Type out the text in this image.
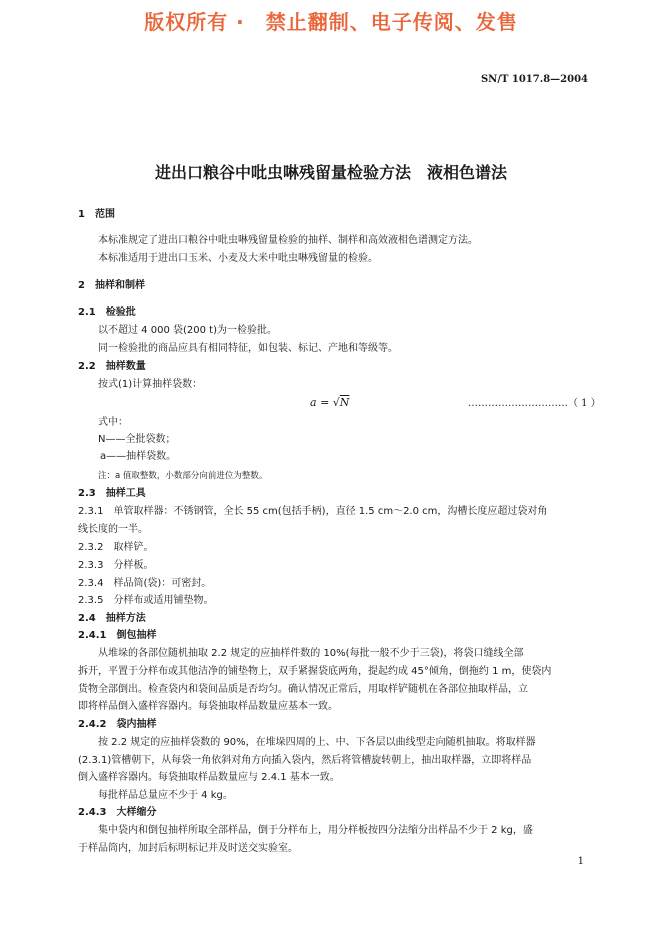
版权所有 ·　禁止翻制、电子传阅、发售
SN/T 1017.8—2004
进出口粮谷中吡虫啉残留量检验方法　液相色谱法
1　范围
本标准规定了进出口粮谷中吡虫啉残留量检验的抽样、制样和高效液相色谱测定方法。
本标准适用于进出口玉米、小麦及大米中吡虫啉残留量的检验。
2　抽样和制样
2.1　检验批
以不超过 4 000 袋(200 t)为一检验批。
同一检验批的商品应具有相同特征，如包装、标记、产地和等级等。
2.2　抽样数量
按式(1)计算抽样袋数：
a = √N	…………………………（ 1 ）
式中：
N——全批袋数；
a——抽样袋数。
注：a 值取整数，小数部分向前进位为整数。
2.3　抽样工具
2.3.1　单管取样器：不锈钢管，全长 55 cm(包括手柄)，直径 1.5 cm～2.0 cm，沟槽长度应超过袋对角
线长度的一半。
2.3.2　取样铲。
2.3.3　分样板。
2.3.4　样品筒(袋)：可密封。
2.3.5　分样布或适用铺垫物。
2.4　抽样方法
2.4.1　倒包抽样
从堆垛的各部位随机抽取 2.2 规定的应抽样件数的 10%(每批一般不少于三袋)，将袋口缝线全部
拆开，平置于分样布或其他洁净的铺垫物上，双手紧握袋底两角，提起约成 45°倾角，倒拖约 1 m，使袋内
货物全部倒出。检查袋内和袋间品质是否均匀。确认情况正常后，用取样铲随机在各部位抽取样品，立
即将样品倒入盛样容器内。每袋抽取样品数量应基本一致。
2.4.2　袋内抽样
按 2.2 规定的应抽样袋数的 90%，在堆垛四周的上、中、下各层以曲线型走向随机抽取。将取样器
(2.3.1)管槽朝下，从每袋一角依斜对角方向插入袋内，然后将管槽旋转朝上，抽出取样器，立即将样品
倒入盛样容器内。每袋抽取样品数量应与 2.4.1 基本一致。
每批样品总量应不少于 4 kg。
2.4.3　大样缩分
集中袋内和倒包抽样所取全部样品，倒于分样布上，用分样板按四分法缩分出样品不少于 2 kg，盛
于样品筒内，加封后标明标记并及时送交实验室。
1
